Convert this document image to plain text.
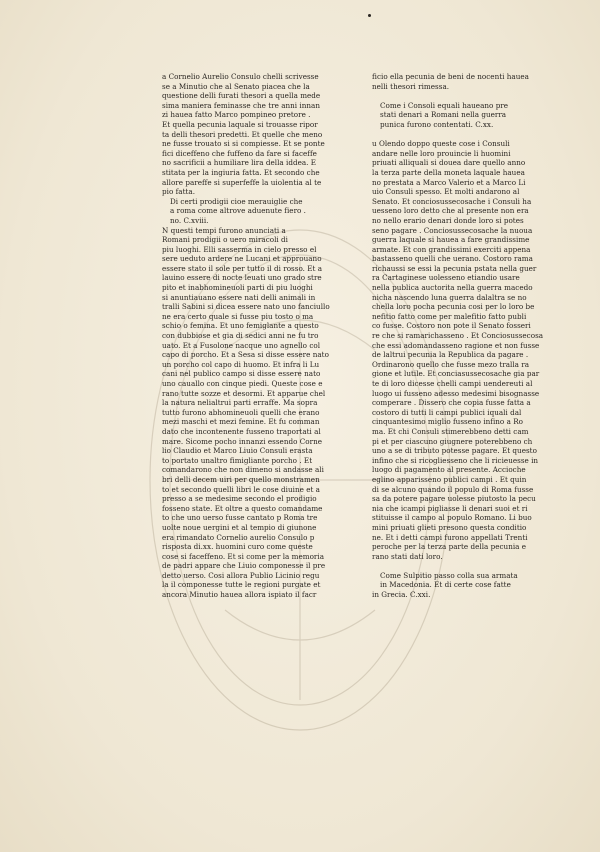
a Cornelio Aurelio Consulo chelli scrivesse
se a Minutio che al Senato piacea che la
questione delli furati thesori a quella mede
sima maniera feminasse che tre anni innan
zi hauea fatto Marco pompineo pretore .
Et quella pecunia laquale si trouasse ripor
ta delli thesori predetti. Et quelle che meno
ne fusse trouato si si compiesse. Et se ponte
fici diceffeno che fuffeno da fare si faceffe
no sacrificii a humiliare lira della iddea. E
stitata per la ingiuria fatta. Et secondo che
allore pareffe si superfeffe la uiolentia al te
pio fatta.
Di certi prodigii cioe merauiglie che
a roma come altrove aduenute fiero .
no. C.xviii.
N questi tempi furono anunciati a
Romani prodigii o uero miracoli di
piu luoghi. Elli sasserma in cielo presso el
sere ueduto ardere ne Lucani et approuano
essere stato il sole per tutto il di rosso. Et a
lauino essere di nocte leuati uno grado stre
pito et inabhomineuoli parti di piu luoghi
si anuntiauano essere nati delli animali in
tralli Sabini si dicea essere nato uno fanciullo
ne era certo quale si fusse piu tosto o ma
schio o femina. Et uno femiglante a questo
con dubbiose et gia di sedici anni ne fu tro
uato. Et a Fusolone nacque uno agnello col
capo di porcho. Et a Sesa si disse essere nato
un porcho col capo di huomo. Et infra li Lu
cani nel publico campo si disse essere nato
uno cauallo con cinque piedi. Queste cose e
rano tutte sozze et desormi. Et apparue chel
la natura nelialtrui parti erraffe. Ma sopra
tutto furono abhomineuoli quelli che erano
mezi maschi et mezi femine. Et fu comman
dato che incontenente fusseno traportati al
mare. Sicome pocho innanzi essendo Corne
lio Claudio et Marco Liuio Consuli erasta
to portato unaltro fimigliante porcho . Et
comandarono che non dimeno si andasse ali
bri delli decem uiri per quello monstramen
to et secondo quelli libri le cose diuine et a
presso a se medesime secondo el prodigio
fosseno state. Et oltre a questo comandame
to che uno uerso fusse cantato p Roma tre
uolte noue uergini et al tempio di giunone
era rimandato Cornelio aurelio Consulo p
risposta di.xx. huomini curo come queste
cose si faceffeno. Et si come per la memoria
de padri appare che Liuio componesse il pre
detto uerso. Cosi allora Publio Licinio regu
la il componesse tutte le regioni purgate et
ancora Minutio hauea allora ispiato il facr
ficio ella pecunia de beni de nocenti hauea
nelli thesori rimessa.

Come i Consoli equali haueano pre
stati denari a Romani nella guerra
punica furono contentati. C.xx.

u Olendo doppo queste cose i Consuli
andare nelle loro prouincie li huomini
priuati alliquali si douea dare quello anno
la terza parte della moneta laquale hauea
no prestata a Marco Valerio et a Marco Li
uio Consuli spesso. Et molti andarono al
Senato. Et conciosussecosache i Consuli ha
uesseno loro detto che al presente non era
no nello erario denari donde loro si potes
seno pagare . Conciosussecosache la nuoua
guerra laquale si hauea a fare grandissime
armate. Et con grandissimi exerciti appena
bastasseno quelli che uerano. Costoro rama
richaussi se essi la pecunia pstata nella guer
ra Cartaginese uolesseno etiandio usare
nella publica auctorita nella guerra macedo
nicha nascendo luna guerra dalaltra se no
chella loro pocha pecunia cosi per lo loro be
nefitio fatto come per malefitio fatto publi
co fusse. Costoro non pote il Senato fosseri
re che si ramarichasseno . Et Conciosussecosa
che essi adomandasseno ragione et non fusse
de laltrui pecunia la Republica da pagare .
Ordinarono quello che fusse mezo tralla ra
gione et lutile. Et conciasussecosache gia par
te di loro dicesse chelli campi uendereuti al
luogo ui fusseno adesso medesimi bisognasse
comperare . Dissero che copia fusse fatta a
costoro di tutti li campi publici iquali dal
cinquantesimo miglio fusseno infino a Ro
ma. Et chi Consuli stimerebbeno detti cam
pi et per ciascuno giugnere poterebbeno ch
uno a se di tributo potesse pagare. Et questo
infino che si ricogliesseno che li ricieuesse in
luogo di pagamento al presente. Accioche
eglino apparisseno publici campi . Et quin
di se alcuno quando il populo di Roma fusse
sa da potere pagare uolesse piutosto la pecu
nia che icampi pigliasse li denari suoi et ri
stituisse il campo al populo Romano. Li buo
mini priuati glieti presono questa conditio
ne. Et i detti campi furono appellati Trenti
peroche per la terza parte della pecunia e
rano stati dati loro.

Come Sulpitio passo colla sua armata
in Macedonia. Et di certe cose fatte
in Grecia. C.xxi.
